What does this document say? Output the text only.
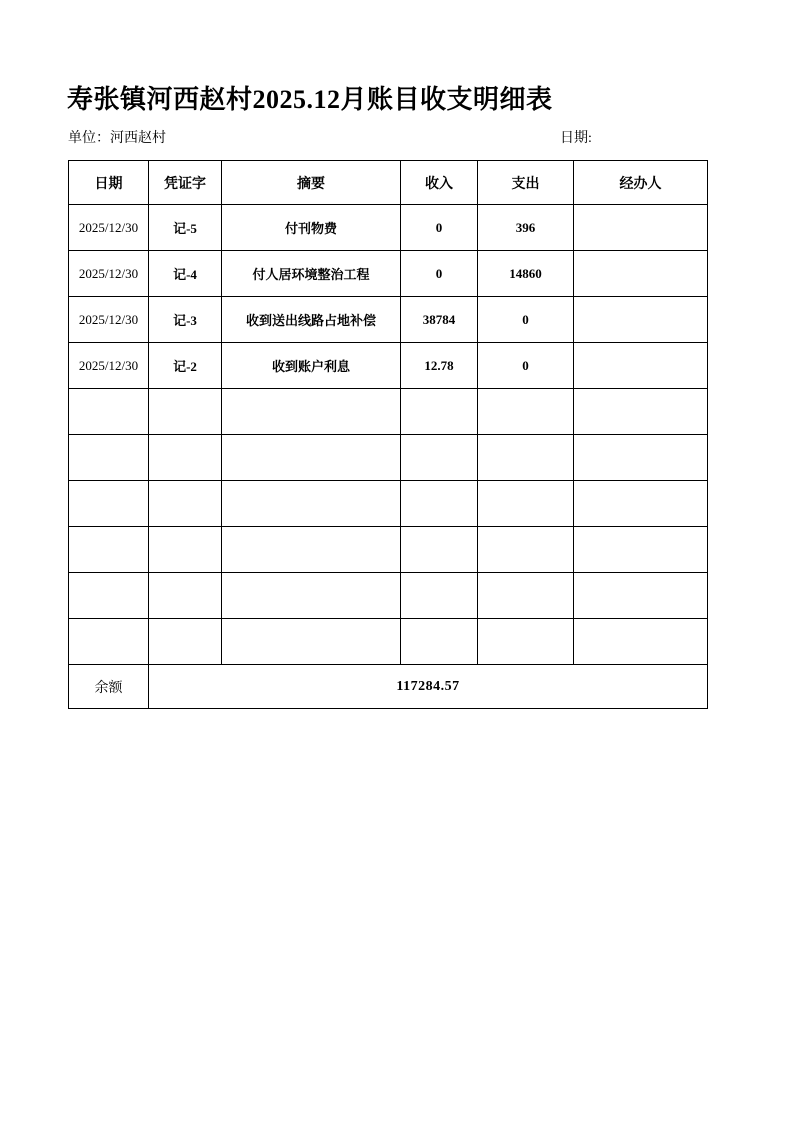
寿张镇河西赵村2025.12月账目收支明细表
单位：河西赵村	日期:
日期	凭证字	摘要	收入	支出	经办人
2025/12/30	记-5	付刊物费	0	396	
2025/12/30	记-4	付人居环境整治工程	0	14860	
2025/12/30	记-3	收到送出线路占地补偿	38784	0	
2025/12/30	记-2	收到账户利息	12.78	0	

余额	117284.57				
